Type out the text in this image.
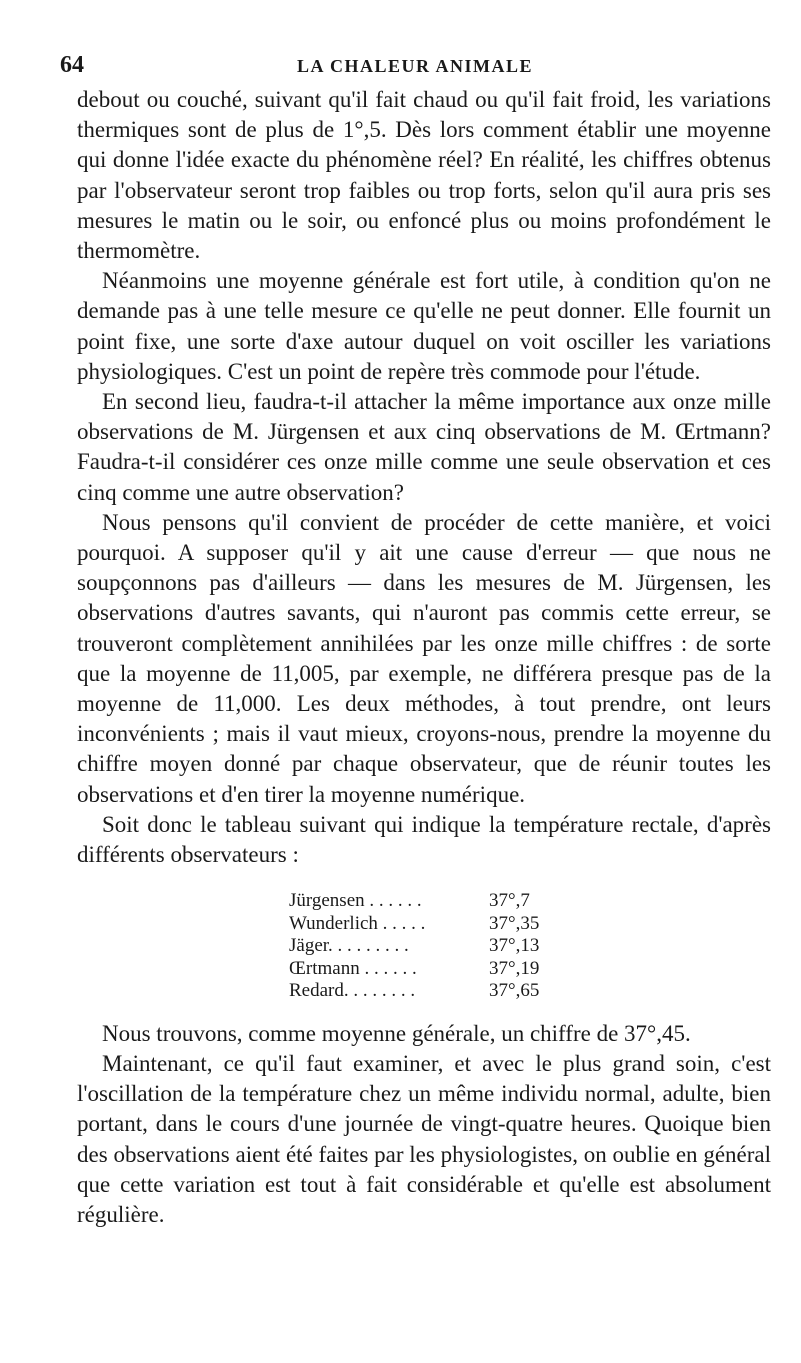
64	LA CHALEUR ANIMALE

debout ou couché, suivant qu'il fait chaud ou qu'il fait froid, les variations thermiques sont de plus de 1°,5. Dès lors comment établir une moyenne qui donne l'idée exacte du phénomène réel? En réalité, les chiffres obtenus par l'observateur seront trop faibles ou trop forts, selon qu'il aura pris ses mesures le matin ou le soir, ou enfoncé plus ou moins profondément le thermomètre.

Néanmoins une moyenne générale est fort utile, à condition qu'on ne demande pas à une telle mesure ce qu'elle ne peut donner. Elle fournit un point fixe, une sorte d'axe autour duquel on voit osciller les variations physiologiques. C'est un point de repère très commode pour l'étude.

En second lieu, faudra-t-il attacher la même importance aux onze mille observations de M. Jürgensen et aux cinq observations de M. Œrtmann? Faudra-t-il considérer ces onze mille comme une seule observation et ces cinq comme une autre observation?

Nous pensons qu'il convient de procéder de cette manière, et voici pourquoi. A supposer qu'il y ait une cause d'erreur — que nous ne soupçonnons pas d'ailleurs — dans les mesures de M. Jürgensen, les observations d'autres savants, qui n'auront pas commis cette erreur, se trouveront complètement annihilées par les onze mille chiffres : de sorte que la moyenne de 11,005, par exemple, ne différera presque pas de la moyenne de 11,000. Les deux méthodes, à tout prendre, ont leurs inconvénients ; mais il vaut mieux, croyons-nous, prendre la moyenne du chiffre moyen donné par chaque observateur, que de réunir toutes les observations et d'en tirer la moyenne numérique.

Soit donc le tableau suivant qui indique la température rectale, d'après différents observateurs :

Jürgensen . . . . . .	37°,7
Wunderlich . . . . .	37°,35
Jäger. . . . . . . . .	37°,13
Œrtmann . . . . . .	37°,19
Redard. . . . . . . .	37°,65

Nous trouvons, comme moyenne générale, un chiffre de 37°,45.

Maintenant, ce qu'il faut examiner, et avec le plus grand soin, c'est l'oscillation de la température chez un même individu normal, adulte, bien portant, dans le cours d'une journée de vingt-quatre heures. Quoique bien des observations aient été faites par les physiologistes, on oublie en général que cette variation est tout à fait considérable et qu'elle est absolument régulière.
